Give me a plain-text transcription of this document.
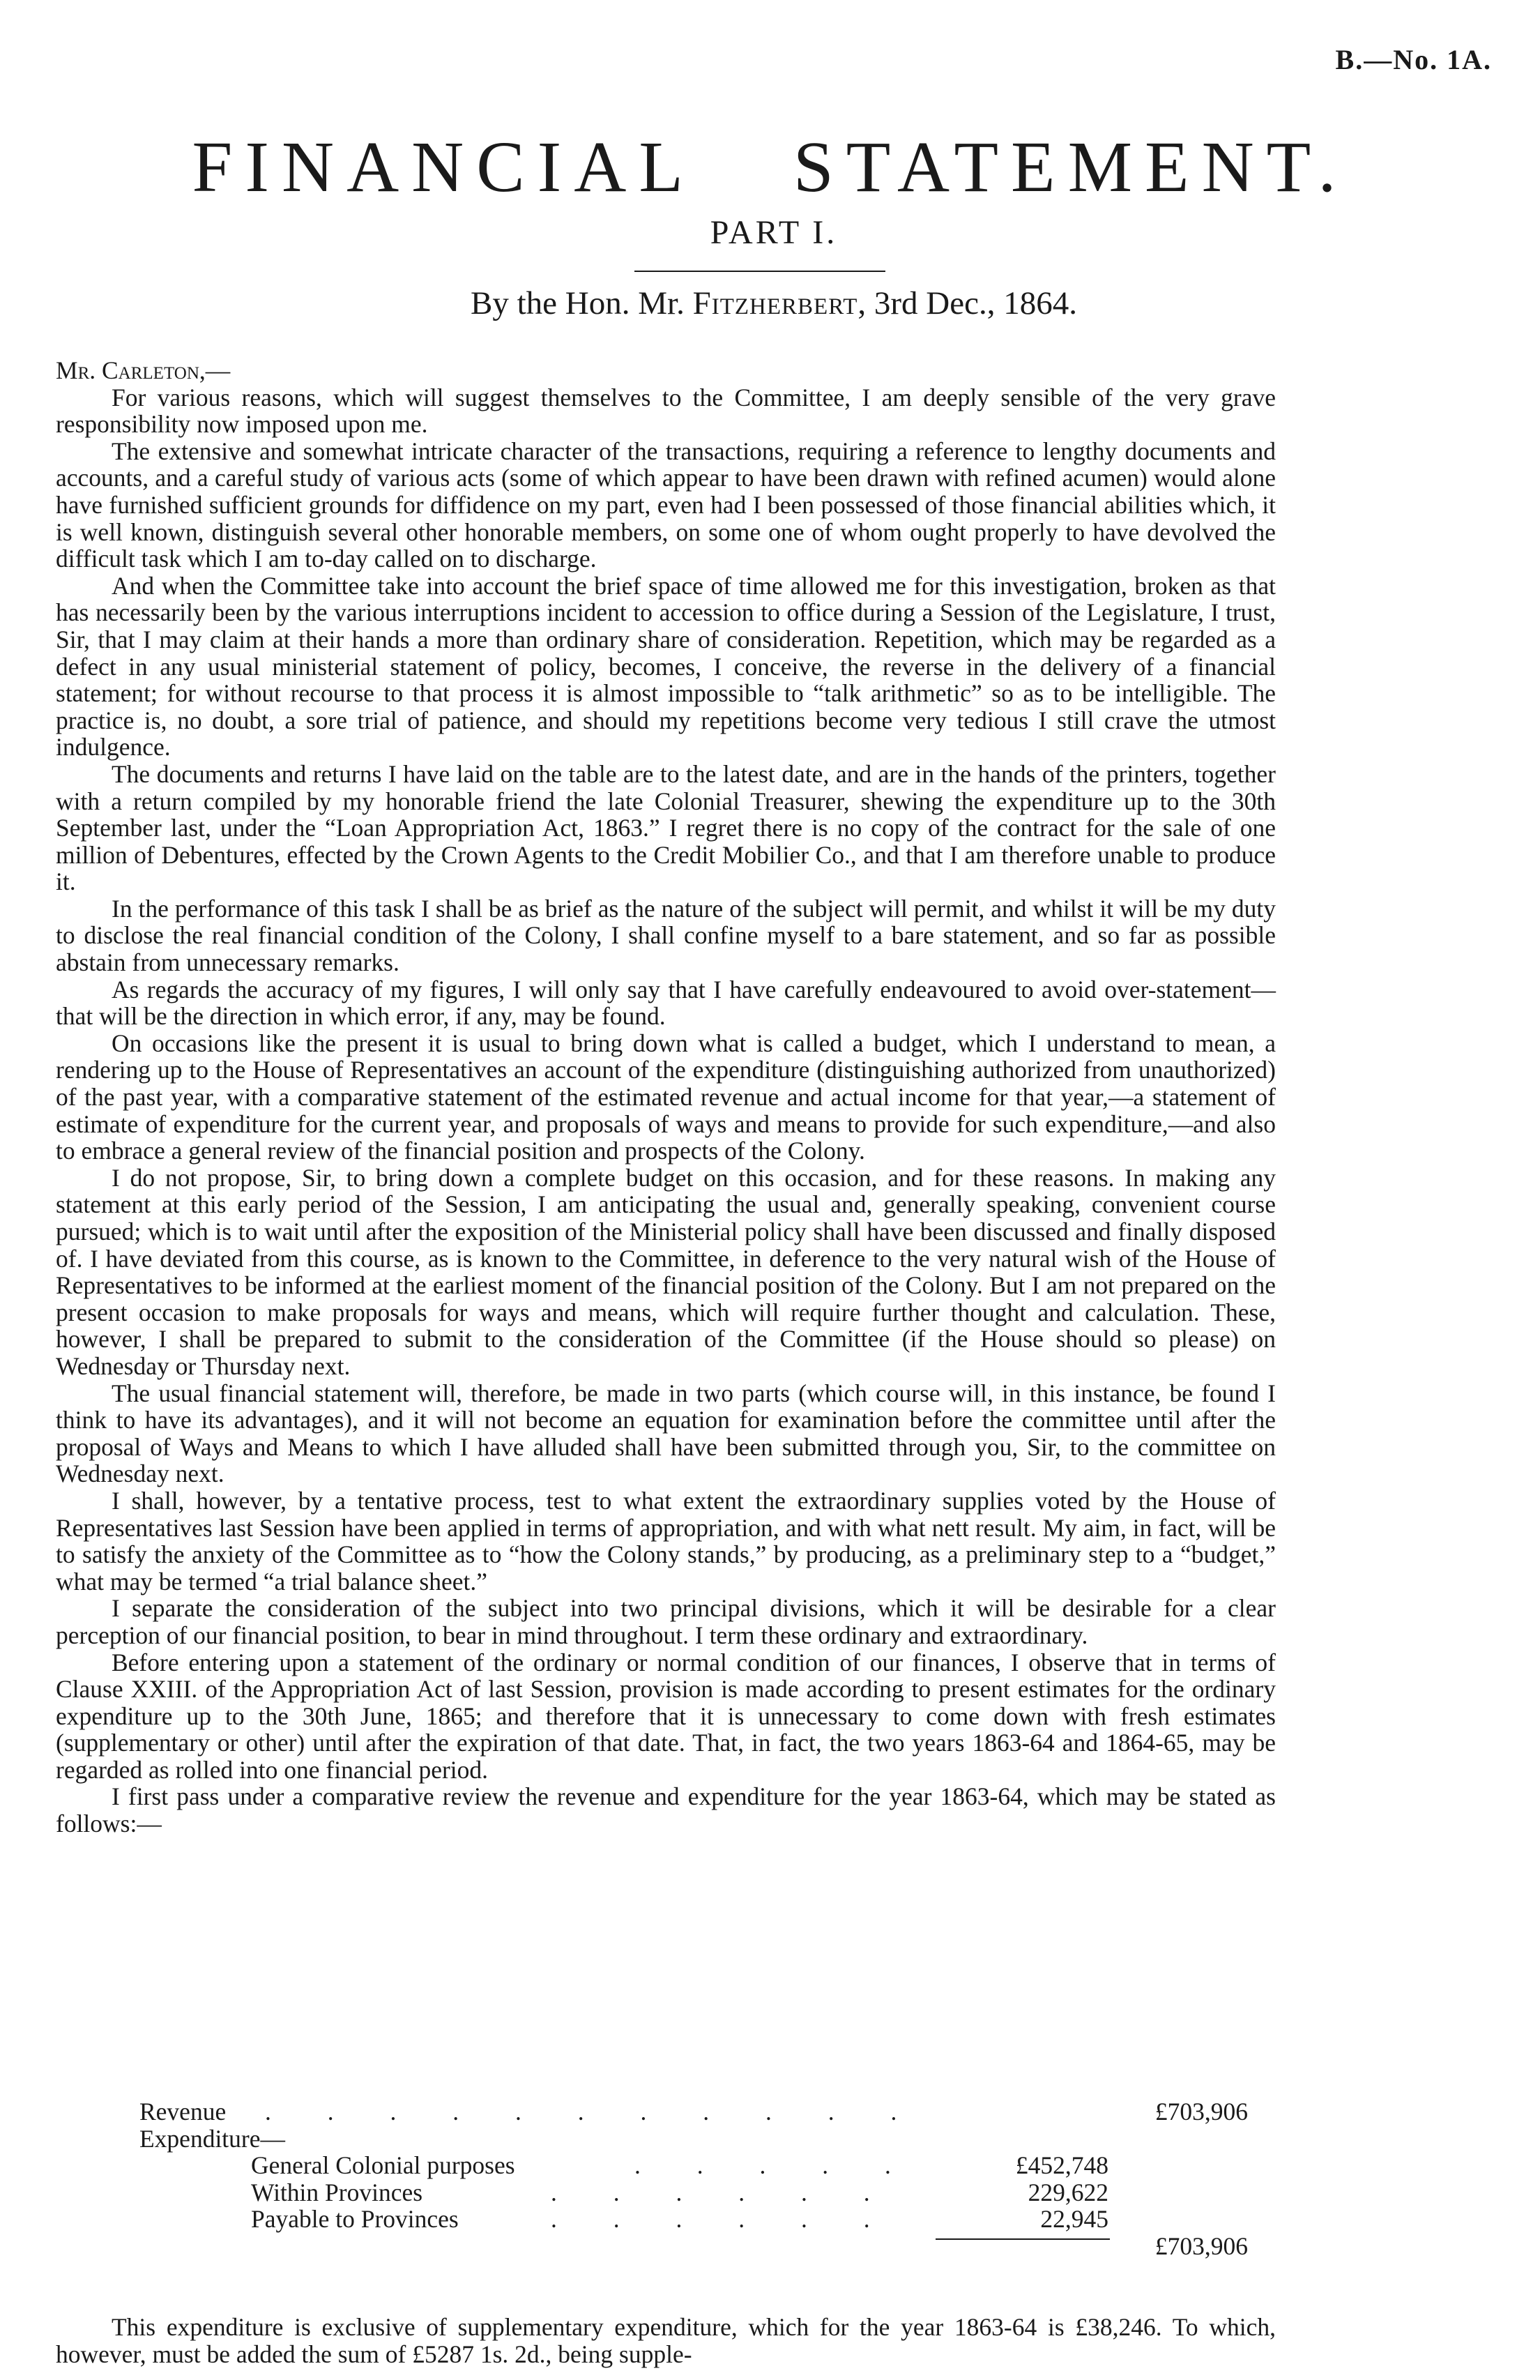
B.—No. 1A.
FINANCIAL STATEMENT.
PART I.
By the Hon. Mr. Fitzherbert, 3rd Dec., 1864.

Mr. Carleton,—

For various reasons, which will suggest themselves to the Committee, I am deeply sensible of the very grave responsibility now imposed upon me.

The extensive and somewhat intricate character of the transactions, requiring a reference to lengthy documents and accounts, and a careful study of various acts (some of which appear to have been drawn with refined acumen) would alone have furnished sufficient grounds for diffidence on my part, even had I been possessed of those financial abilities which, it is well known, distinguish several other honorable members, on some one of whom ought properly to have devolved the difficult task which I am to-day called on to discharge.

And when the Committee take into account the brief space of time allowed me for this investigation, broken as that has necessarily been by the various interruptions incident to accession to office during a Session of the Legislature, I trust, Sir, that I may claim at their hands a more than ordinary share of consideration. Repetition, which may be regarded as a defect in any usual ministerial statement of policy, becomes, I conceive, the reverse in the delivery of a financial statement; for without recourse to that process it is almost impossible to “talk arithmetic” so as to be intelligible. The practice is, no doubt, a sore trial of patience, and should my repetitions become very tedious I still crave the utmost indulgence.

The documents and returns I have laid on the table are to the latest date, and are in the hands of the printers, together with a return compiled by my honorable friend the late Colonial Treasurer, shewing the expenditure up to the 30th September last, under the “Loan Appropriation Act, 1863.” I regret there is no copy of the contract for the sale of one million of Debentures, effected by the Crown Agents to the Credit Mobilier Co., and that I am therefore unable to produce it.

In the performance of this task I shall be as brief as the nature of the subject will permit, and whilst it will be my duty to disclose the real financial condition of the Colony, I shall confine myself to a bare statement, and so far as possible abstain from unnecessary remarks.

As regards the accuracy of my figures, I will only say that I have carefully endeavoured to avoid over-statement—that will be the direction in which error, if any, may be found.

On occasions like the present it is usual to bring down what is called a budget, which I understand to mean, a rendering up to the House of Representatives an account of the expenditure (distinguishing authorized from unauthorized) of the past year, with a comparative statement of the estimated revenue and actual income for that year,—a statement of estimate of expenditure for the current year, and proposals of ways and means to provide for such expenditure,—and also to embrace a general review of the financial position and prospects of the Colony.

I do not propose, Sir, to bring down a complete budget on this occasion, and for these reasons. In making any statement at this early period of the Session, I am anticipating the usual and, generally speaking, convenient course pursued; which is to wait until after the exposition of the Ministerial policy shall have been discussed and finally disposed of. I have deviated from this course, as is known to the Committee, in deference to the very natural wish of the House of Representatives to be informed at the earliest moment of the financial position of the Colony. But I am not prepared on the present occasion to make proposals for ways and means, which will require further thought and calculation. These, however, I shall be prepared to submit to the consideration of the Committee (if the House should so please) on Wednesday or Thursday next.

The usual financial statement will, therefore, be made in two parts (which course will, in this instance, be found I think to have its advantages), and it will not become an equation for examination before the committee until after the proposal of Ways and Means to which I have alluded shall have been submitted through you, Sir, to the committee on Wednesday next.

I shall, however, by a tentative process, test to what extent the extraordinary supplies voted by the House of Representatives last Session have been applied in terms of appropriation, and with what nett result. My aim, in fact, will be to satisfy the anxiety of the Committee as to “how the Colony stands,” by producing, as a preliminary step to a “budget,” what may be termed “a trial balance sheet.”

I separate the consideration of the subject into two principal divisions, which it will be desirable for a clear perception of our financial position, to bear in mind throughout. I term these ordinary and extraordinary.

Before entering upon a statement of the ordinary or normal condition of our finances, I observe that in terms of Clause XXIII. of the Appropriation Act of last Session, provision is made according to present estimates for the ordinary expenditure up to the 30th June, 1865; and therefore that it is unnecessary to come down with fresh estimates (supplementary or other) until after the expiration of that date. That, in fact, the two years 1863-64 and 1864-65, may be regarded as rolled into one financial period.

I first pass under a comparative review the revenue and expenditure for the year 1863-64, which may be stated as follows:—

Revenue . . . . . . . . . . .	£703,906
Expenditure—
General Colonial purposes	. . . . .	£452,748
Within Provinces	. . . . . .	229,622
Payable to Provinces	. . . . . .	22,945
£703,906

This expenditure is exclusive of supplementary expenditure, which for the year 1863-64 is £38,246. To which, however, must be added the sum of £5287 1s. 2d., being supple-
